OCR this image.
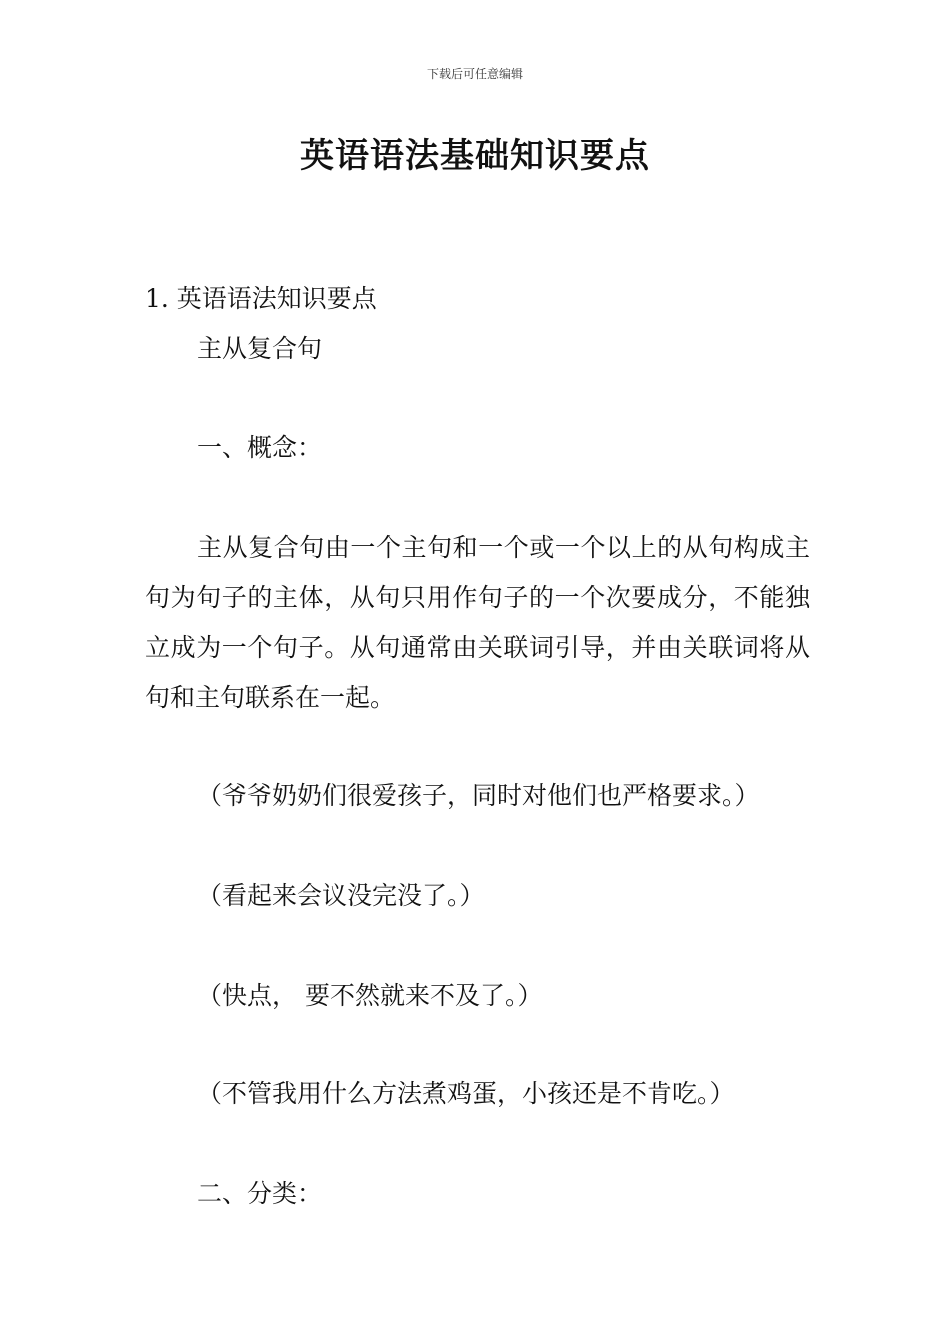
下载后可任意编辑
英语语法基础知识要点
1. 英语语法知识要点
主从复合句
一、概念：

主从复合句由一个主句和一个或一个以上的从句构成主句为句子的主体，从句只用作句子的一个次要成分，不能独立成为一个句子。从句通常由关联词引导，并由关联词将从句和主句联系在一起。

（爷爷奶奶们很爱孩子，同时对他们也严格要求。）
（看起来会议没完没了。）
（快点， 要不然就来不及了。）
（不管我用什么方法煮鸡蛋，小孩还是不肯吃。）
二、分类：
